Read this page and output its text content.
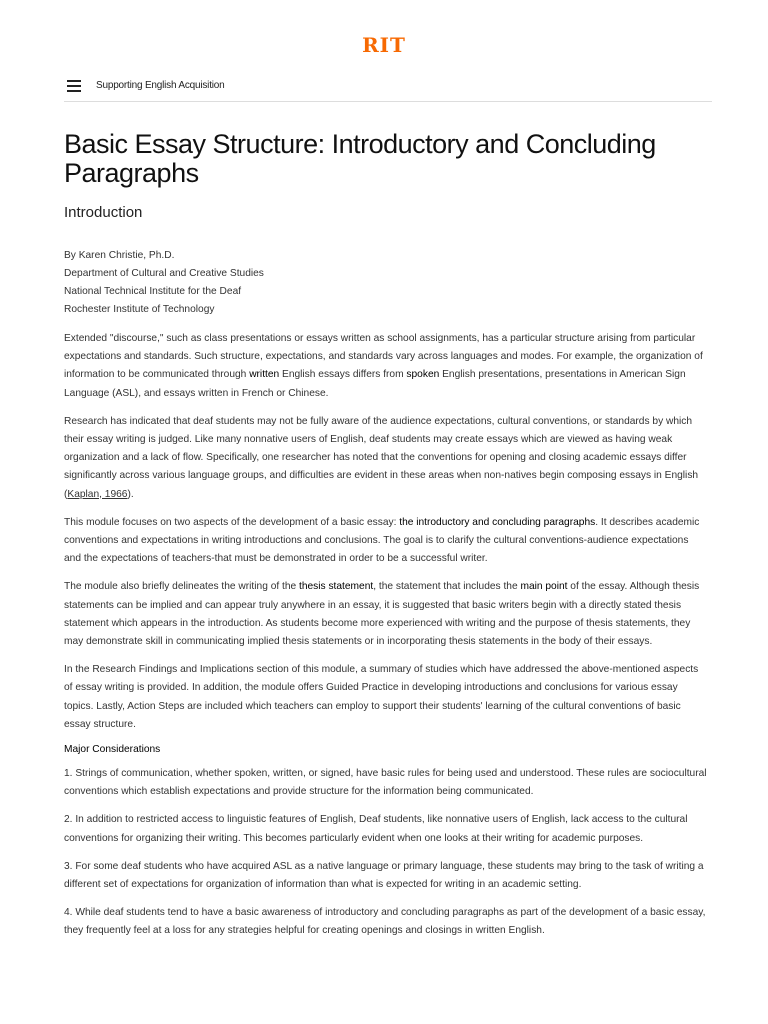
RIT
Supporting English Acquisition
Basic Essay Structure: Introductory and Concluding Paragraphs
Introduction

By Karen Christie, Ph.D.

Department of Cultural and Creative Studies

National Technical Institute for the Deaf

Rochester Institute of Technology

Extended "discourse," such as class presentations or essays written as school assignments, has a particular structure arising from particular expectations and standards. Such structure, expectations, and standards vary across languages and modes. For example, the organization of information to be communicated through written English essays differs from spoken English presentations, presentations in American Sign Language (ASL), and essays written in French or Chinese.

Research has indicated that deaf students may not be fully aware of the audience expectations, cultural conventions, or standards by which their essay writing is judged. Like many nonnative users of English, deaf students may create essays which are viewed as having weak organization and a lack of flow. Specifically, one researcher has noted that the conventions for opening and closing academic essays differ significantly across various language groups, and difficulties are evident in these areas when non-natives begin composing essays in English (Kaplan, 1966).

This module focuses on two aspects of the development of a basic essay: the introductory and concluding paragraphs. It describes academic conventions and expectations in writing introductions and conclusions. The goal is to clarify the cultural conventions-audience expectations and the expectations of teachers-that must be demonstrated in order to be a successful writer.

The module also briefly delineates the writing of the thesis statement, the statement that includes the main point of the essay. Although thesis statements can be implied and can appear truly anywhere in an essay, it is suggested that basic writers begin with a directly stated thesis statement which appears in the introduction. As students become more experienced with writing and the purpose of thesis statements, they may demonstrate skill in communicating implied thesis statements or in incorporating thesis statements in the body of their essays.

In the Research Findings and Implications section of this module, a summary of studies which have addressed the above-mentioned aspects of essay writing is provided. In addition, the module offers Guided Practice in developing introductions and conclusions for various essay topics. Lastly, Action Steps are included which teachers can employ to support their students' learning of the cultural conventions of basic essay structure.

Major Considerations

1. Strings of communication, whether spoken, written, or signed, have basic rules for being used and understood. These rules are sociocultural conventions which establish expectations and provide structure for the information being communicated.

2. In addition to restricted access to linguistic features of English, Deaf students, like nonnative users of English, lack access to the cultural conventions for organizing their writing. This becomes particularly evident when one looks at their writing for academic purposes.

3. For some deaf students who have acquired ASL as a native language or primary language, these students may bring to the task of writing a different set of expectations for organization of information than what is expected for writing in an academic setting.

4. While deaf students tend to have a basic awareness of introductory and concluding paragraphs as part of the development of a basic essay, they frequently feel at a loss for any strategies helpful for creating openings and closings in written English.
